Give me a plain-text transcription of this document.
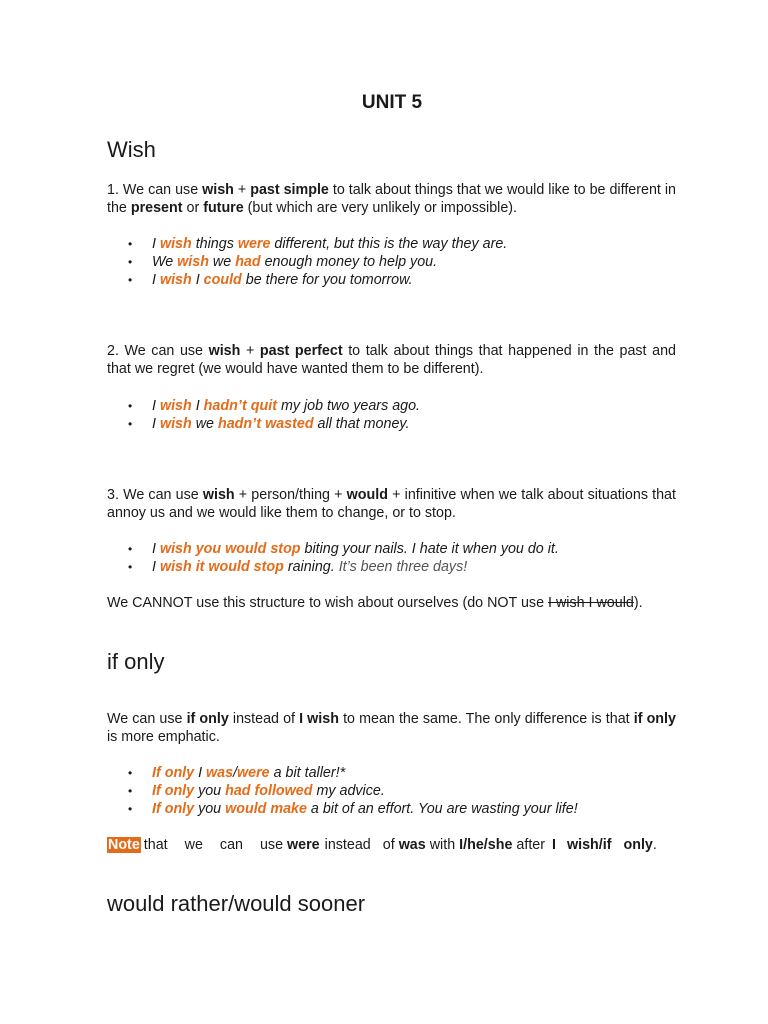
UNIT 5
Wish
1. We can use wish + past simple to talk about things that we would like to be different in the present or future (but which are very unlikely or impossible).
• I wish things were different, but this is the way they are.
• We wish we had enough money to help you.
• I wish I could be there for you tomorrow.
2. We can use wish + past perfect to talk about things that happened in the past and that we regret (we would have wanted them to be different).
• I wish I hadn’t quit my job two years ago.
• I wish we hadn’t wasted all that money.
3. We can use wish + person/thing + would + infinitive when we talk about situations that annoy us and we would like them to change, or to stop.
• I wish you would stop biting your nails. I hate it when you do it.
• I wish it would stop raining. It’s been three days!
We CANNOT use this structure to wish about ourselves (do NOT use I wish I would).
if only
We can use if only instead of I wish to mean the same. The only difference is that if only is more emphatic.
• If only I was/were a bit taller!*
• If only you had followed my advice.
• If only you would make a bit of an effort. You are wasting your life!
Note that we can use were instead of was with I/he/she after I wish/if only.
would rather/would sooner
